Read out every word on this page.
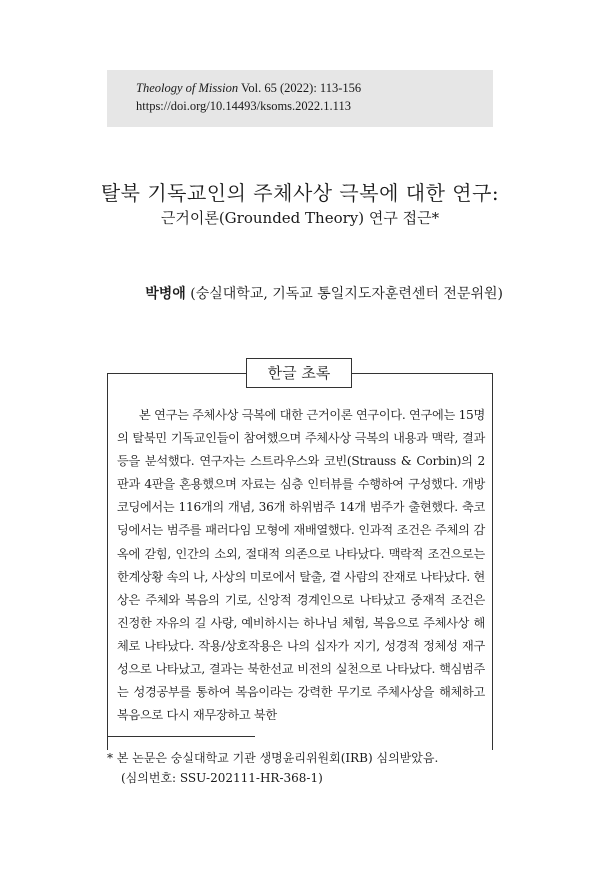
Theology of Mission Vol. 65 (2022): 113-156
https://doi.org/10.14493/ksoms.2022.1.113
탈북 기독교인의 주체사상 극복에 대한 연구:
근거이론(Grounded Theory) 연구 접근*
박병애 (숭실대학교, 기독교 통일지도자훈련센터 전문위원)
한글 초록
본 연구는 주체사상 극복에 대한 근거이론 연구이다. 연구에는 15명의 탈북민 기독교인들이 참여했으며 주체사상 극복의 내용과 맥락, 결과 등을 분석했다. 연구자는 스트라우스와 코빈(Strauss & Corbin)의 2판과 4판을 혼용했으며 자료는 심층 인터뷰를 수행하여 구성했다. 개방코딩에서는 116개의 개념, 36개 하위범주 14개 범주가 출현했다. 축코딩에서는 범주를 패러다임 모형에 재배열했다. 인과적 조건은 주체의 감옥에 갇힘, 인간의 소외, 절대적 의존으로 나타났다. 맥락적 조건으로는 한계상황 속의 나, 사상의 미로에서 탈출, 곁 사람의 잔재로 나타났다. 현상은 주체와 복음의 기로, 신앙적 경계인으로 나타났고 중재적 조건은 진정한 자유의 길 사랑, 예비하시는 하나님 체험, 복음으로 주체사상 해체로 나타났다. 작용/상호작용은 나의 십자가 지기, 성경적 정체성 재구성으로 나타났고, 결과는 북한선교 비전의 실천으로 나타났다. 핵심범주는 성경공부를 통하여 복음이라는 강력한 무기로 주체사상을 해체하고 복음으로 다시 재무장하고 북한
* 본 논문은 숭실대학교 기관 생명윤리위원회(IRB) 심의받았음.
(심의번호: SSU-202111-HR-368-1)
